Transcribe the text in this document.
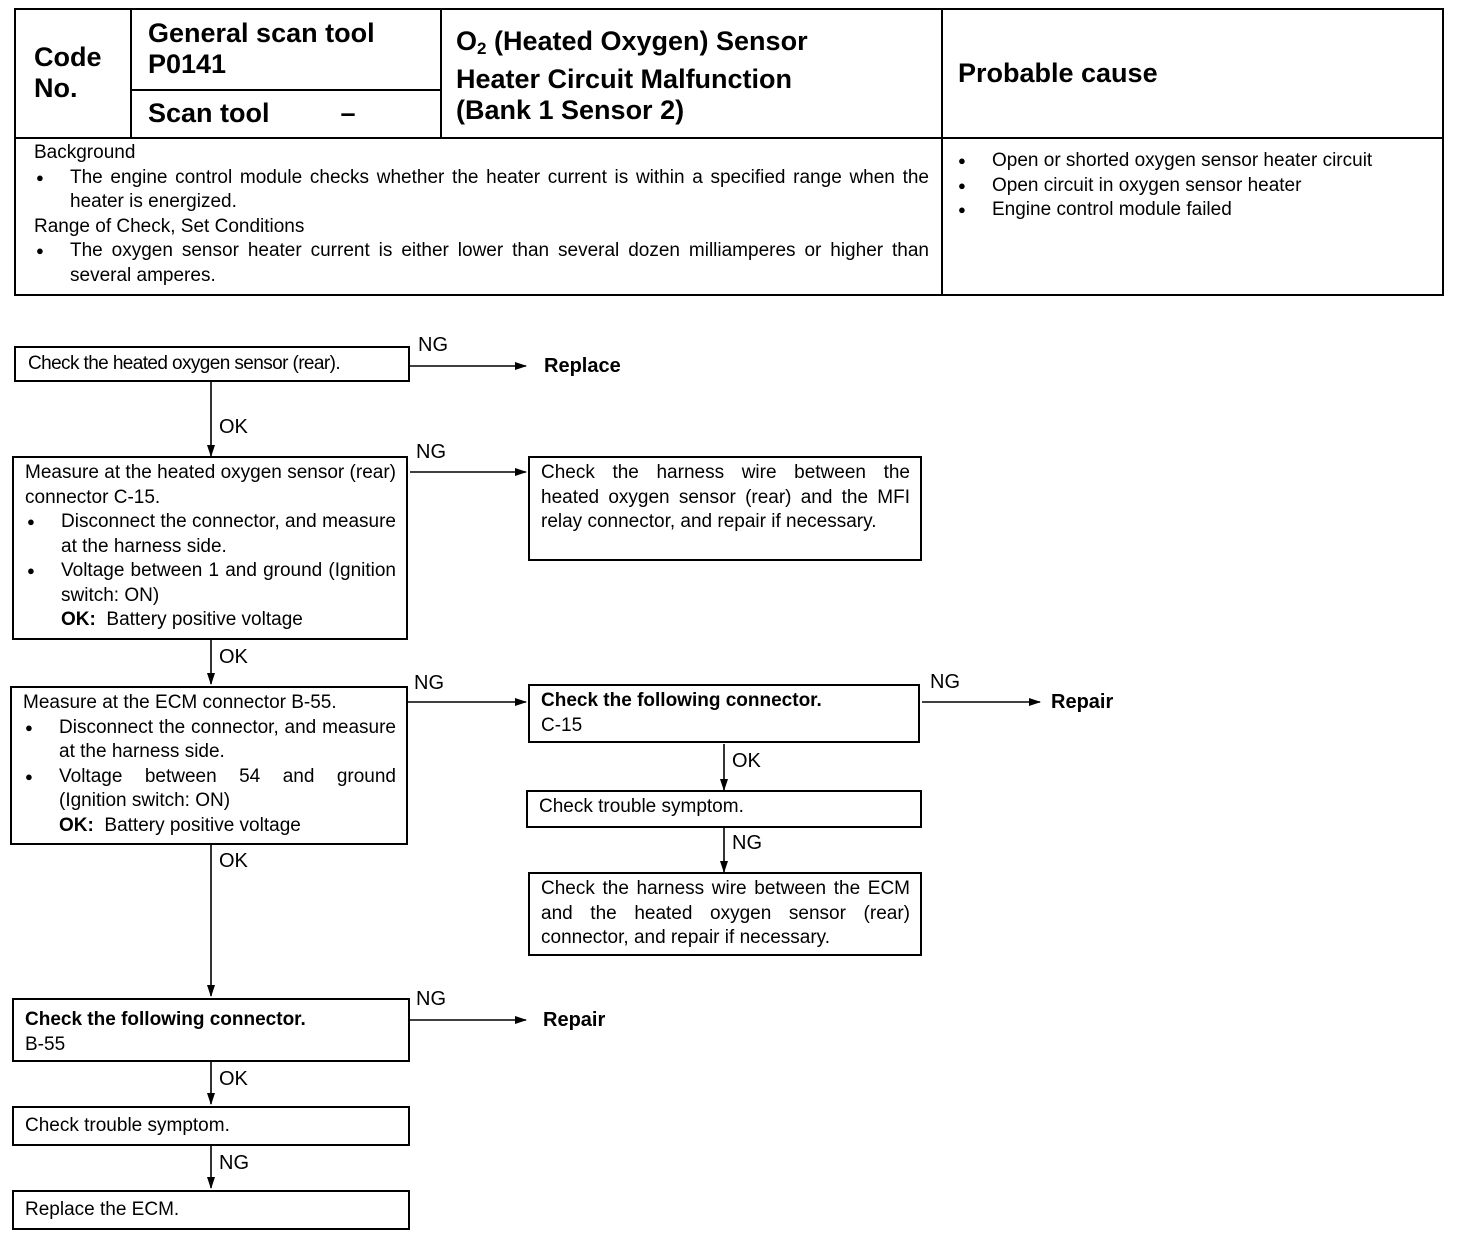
Code No.
General scan tool
P0141
Scan tool	–
$O_2$ (Heated Oxygen) Sensor
Heater Circuit Malfunction
(Bank 1 Sensor 2)
Probable cause
Background
● The engine control module checks whether the heater current is within a specified range when the heater is energized.
Range of Check, Set Conditions
● The oxygen sensor heater current is either lower than several dozen milliamperes or higher than several amperes.
● Open or shorted oxygen sensor heater circuit
● Open circuit in oxygen sensor heater
● Engine control module failed
NG
OK
NG
OK
NG	NG
OK
NG
OK
NG
OK
NG
Replace
Repair
Repair
Check the heated oxygen sensor (rear).
Measure at the heated oxygen sensor (rear) connector C-15.
● Disconnect the connector, and measure at the harness side.
● Voltage between 1 and ground (Ignition switch: ON)
OK: Battery positive voltage
Check the harness wire between the heated oxygen sensor (rear) and the MFI relay connector, and repair if necessary.
Measure at the ECM connector B-55.
● Disconnect the connector, and measure at the harness side.
● Voltage between 54 and ground (Ignition switch: ON)
OK: Battery positive voltage
Check the following connector.
C-15
Check trouble symptom.
Check the harness wire between the ECM and the heated oxygen sensor (rear) connector, and repair if necessary.
Check the following connector.
B-55
Check trouble symptom.
Replace the ECM.
